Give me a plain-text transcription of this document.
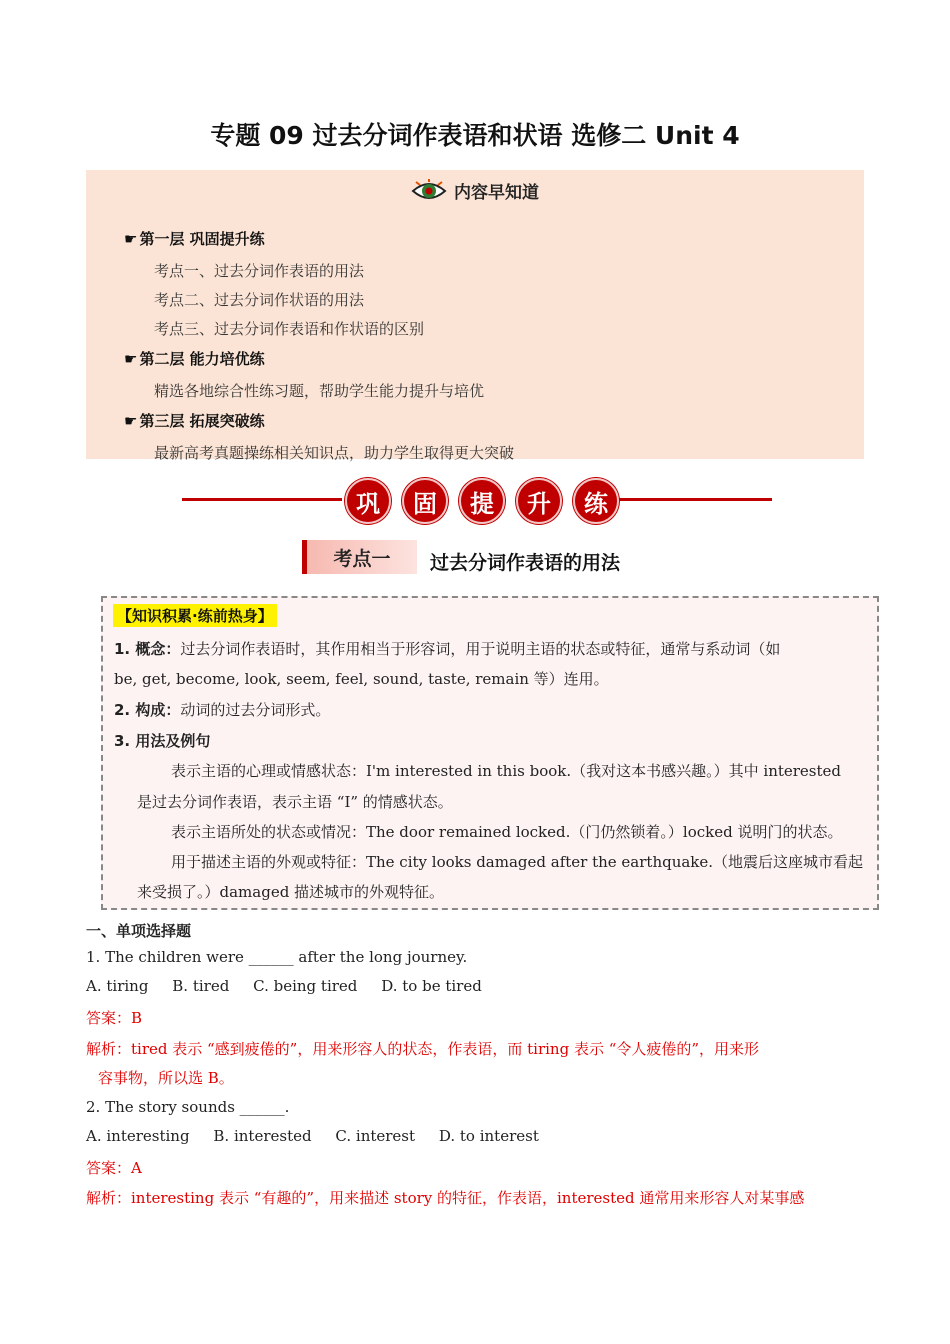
专题 09 过去分词作表语和状语 选修二 Unit 4
内容早知道
☛ 第一层 巩固提升练
考点一、过去分词作表语的用法
考点二、过去分词作状语的用法
考点三、过去分词作表语和作状语的区别
☛ 第二层 能力培优练
精选各地综合性练习题，帮助学生能力提升与培优
☛ 第三层 拓展突破练
最新高考真题操练相关知识点，助力学生取得更大突破
巩	固	提	升	练
考点一	过去分词作表语的用法
【知识积累·练前热身】
1. 概念：过去分词作表语时，其作用相当于形容词，用于说明主语的状态或特征，通常与系动词（如
be, get, become, look, seem, feel, sound, taste, remain 等）连用。
2. 构成：动词的过去分词形式。
3. 用法及例句
表示主语的心理或情感状态：I'm interested in this book.（我对这本书感兴趣。）其中 interested
是过去分词作表语，表示主语 “I” 的情感状态。
表示主语所处的状态或情况：The door remained locked.（门仍然锁着。）locked 说明门的状态。
用于描述主语的外观或特征：The city looks damaged after the earthquake.（地震后这座城市看起
来受损了。）damaged 描述城市的外观特征。
一、单项选择题
1. The children were ______ after the long journey.
A. tiring     B. tired     C. being tired     D. to be tired
答案：B
解析：tired 表示 “感到疲倦的”，用来形容人的状态，作表语，而 tiring 表示 “令人疲倦的”，用来形
容事物，所以选 B。
2. The story sounds ______.
A. interesting     B. interested     C. interest     D. to interest
答案：A
解析：interesting 表示 “有趣的”，用来描述 story 的特征，作表语，interested 通常用来形容人对某事感
